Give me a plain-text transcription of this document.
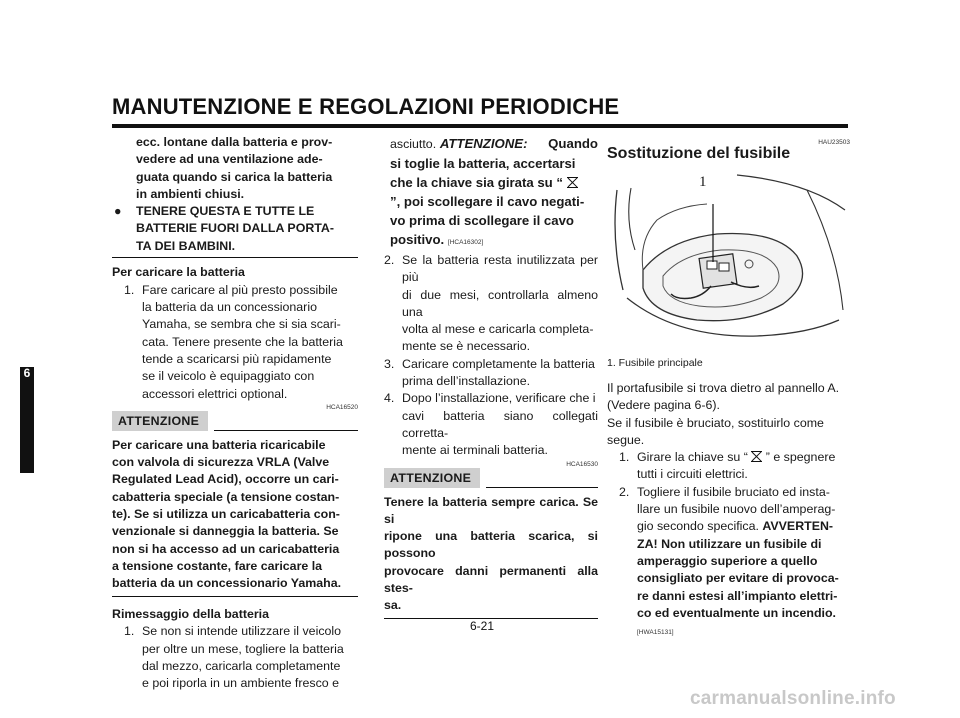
MANUTENZIONE E REGOLAZIONI PERIODICHE
6
ecc. lontane dalla batteria e prov-
vedere ad una ventilazione ade-
guata quando si carica la batteria
in ambienti chiusi.
●	TENERE QUESTA E TUTTE LE
BATTERIE FUORI DALLA PORTA-
TA DEI BAMBINI.
Per caricare la batteria
1. Fare caricare al più presto possibile
la batteria da un concessionario
Yamaha, se sembra che si sia scari-
cata. Tenere presente che la batteria
tende a scaricarsi più rapidamente
se il veicolo è equipaggiato con
accessori elettrici optional.
HCA16520
ATTENZIONE
Per caricare una batteria ricaricabile
con valvola di sicurezza VRLA (Valve
Regulated Lead Acid), occorre un cari-
cabatteria speciale (a tensione costan-
te). Se si utilizza un caricabatteria con-
venzionale si danneggia la batteria. Se
non si ha accesso ad un caricabatteria
a tensione costante, fare caricare la
batteria da un concessionario Yamaha.
Rimessaggio della batteria
1. Se non si intende utilizzare il veicolo
per oltre un mese, togliere la batteria
dal mezzo, caricarla completamente
e poi riporla in un ambiente fresco e
asciutto. ATTENZIONE: Quando
si toglie la batteria, accertarsi
che la chiave sia girata su “
”, poi scollegare il cavo negati-
vo prima di scollegare il cavo
positivo. [HCA16302]
2. Se la batteria resta inutilizzata per più
di due mesi, controllarla almeno una
volta al mese e caricarla completa-
mente se è necessario.
3. Caricare completamente la batteria
prima dell’installazione.
4. Dopo l’installazione, verificare che i
cavi batteria siano collegati corretta-
mente ai terminali batteria.
HCA16530
ATTENZIONE
Tenere la batteria sempre carica. Se si
ripone una batteria scarica, si possono
provocare danni permanenti alla stes-
sa.
HAU23503
Sostituzione del fusibile
1
1. Fusibile principale
Il portafusibile si trova dietro al pannello A.
(Vedere pagina 6-6).
Se il fusibile è bruciato, sostituirlo come
segue.
1. Girare la chiave su “ ” e spegnere
tutti i circuiti elettrici.
2. Togliere il fusibile bruciato ed insta-
llare un fusibile nuovo dell’amperag-
gio secondo specifica. AVVERTEN-
ZA! Non utilizzare un fusibile di
amperaggio superiore a quello
consigliato per evitare di provoca-
re danni estesi all’impianto elettri-
co ed eventualmente un incendio.
[HWA15131]
6-21
carmanualsonline.info
